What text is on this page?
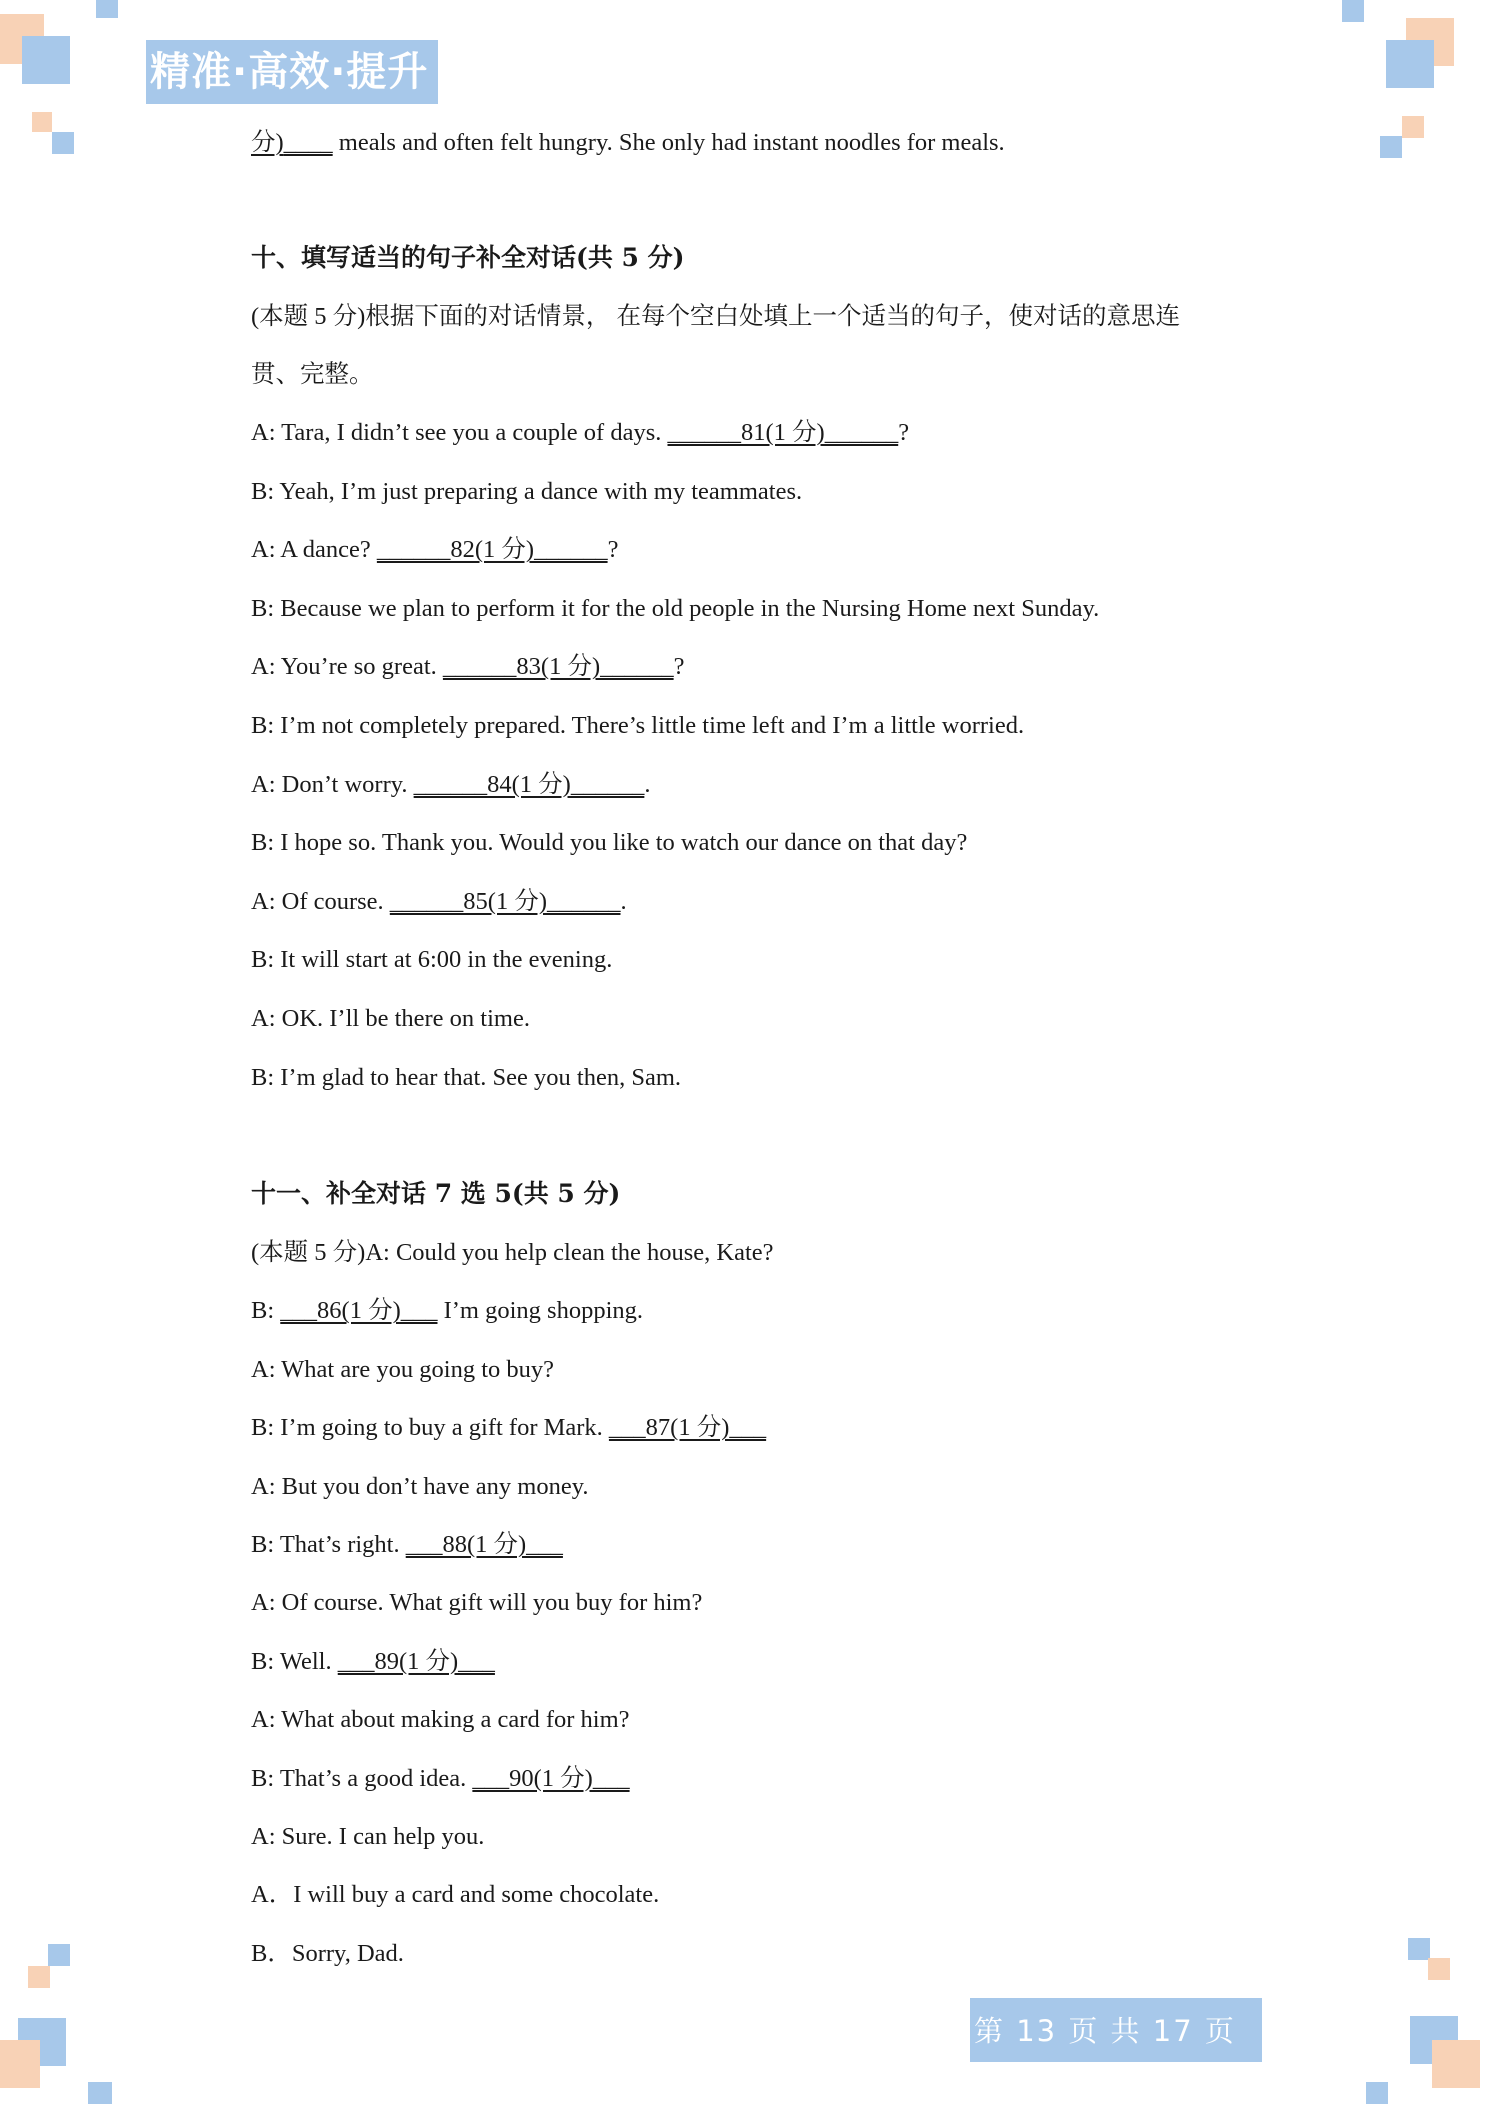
精准·高效·提升
分)____ meals and often felt hungry. She only had instant noodles for meals.
十、填写适当的句子补全对话(共 5 分)
(本题 5 分)根据下面的对话情景， 在每个空白处填上一个适当的句子，使对话的意思连
贯、完整。
A: Tara, I didn’t see you a couple of days. ______81(1 分)______?
B: Yeah, I’m just preparing a dance with my teammates.
A: A dance? ______82(1 分)______?
B: Because we plan to perform it for the old people in the Nursing Home next Sunday.
A: You’re so great. ______83(1 分)______?
B: I’m not completely prepared. There’s little time left and I’m a little worried.
A: Don’t worry. ______84(1 分)______.
B: I hope so. Thank you. Would you like to watch our dance on that day?
A: Of course. ______85(1 分)______.
B: It will start at 6:00 in the evening.
A: OK. I’ll be there on time.
B: I’m glad to hear that. See you then, Sam.
十一、补全对话 7 选 5(共 5 分)
(本题 5 分)A: Could you help clean the house, Kate?
B: ___86(1 分)___ I’m going shopping.
A: What are you going to buy?
B: I’m going to buy a gift for Mark. ___87(1 分)___
A: But you don’t have any money.
B: That’s right. ___88(1 分)___
A: Of course. What gift will you buy for him?
B: Well. ___89(1 分)___
A: What about making a card for him?
B: That’s a good idea. ___90(1 分)___
A: Sure. I can help you.
A．I will buy a card and some chocolate.
B．Sorry, Dad.
第 13 页 共 17 页
